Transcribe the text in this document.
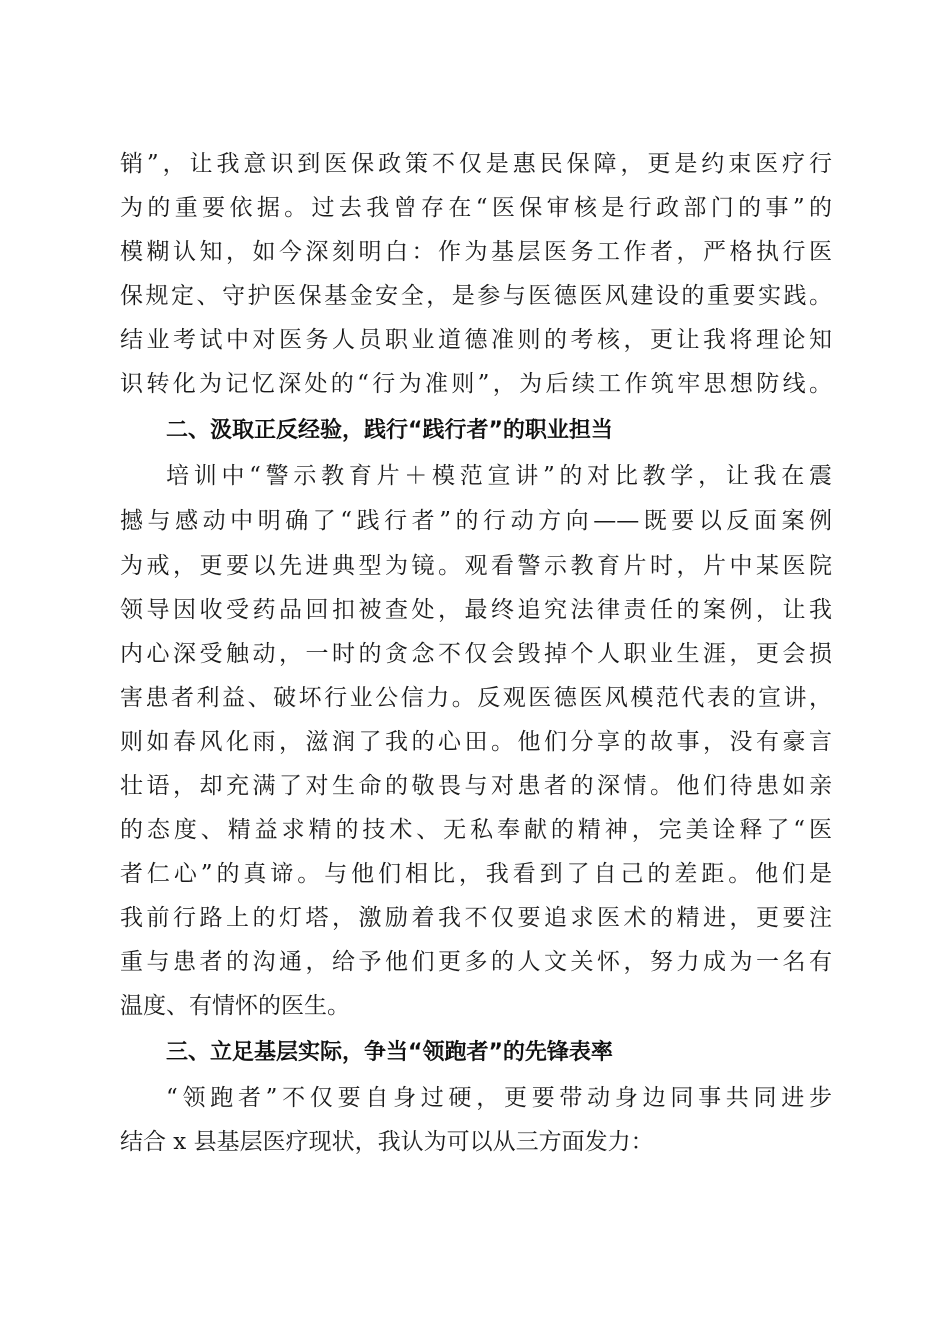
销”，让我意识到医保政策不仅是惠民保障，更是约束医疗行
为的重要依据。过去我曾存在“医保审核是行政部门的事”的
模糊认知，如今深刻明白：作为基层医务工作者，严格执行医
保规定、守护医保基金安全，是参与医德医风建设的重要实践。
结业考试中对医务人员职业道德准则的考核，更让我将理论知
识转化为记忆深处的“行为准则”，为后续工作筑牢思想防线。
二、汲取正反经验，践行“践行者”的职业担当
培训中“警示教育片＋模范宣讲”的对比教学，让我在震
撼与感动中明确了“践行者”的行动方向——既要以反面案例
为戒，更要以先进典型为镜。观看警示教育片时，片中某医院
领导因收受药品回扣被查处，最终追究法律责任的案例，让我
内心深受触动，一时的贪念不仅会毁掉个人职业生涯，更会损
害患者利益、破坏行业公信力。反观医德医风模范代表的宣讲，
则如春风化雨，滋润了我的心田。他们分享的故事，没有豪言
壮语，却充满了对生命的敬畏与对患者的深情。他们待患如亲
的态度、精益求精的技术、无私奉献的精神，完美诠释了“医
者仁心”的真谛。与他们相比，我看到了自己的差距。他们是
我前行路上的灯塔，激励着我不仅要追求医术的精进，更要注
重与患者的沟通，给予他们更多的人文关怀，努力成为一名有
温度、有情怀的医生。
三、立足基层实际，争当“领跑者”的先锋表率
“领跑者”不仅要自身过硬，更要带动身边同事共同进步
结合 x 县基层医疗现状，我认为可以从三方面发力：
